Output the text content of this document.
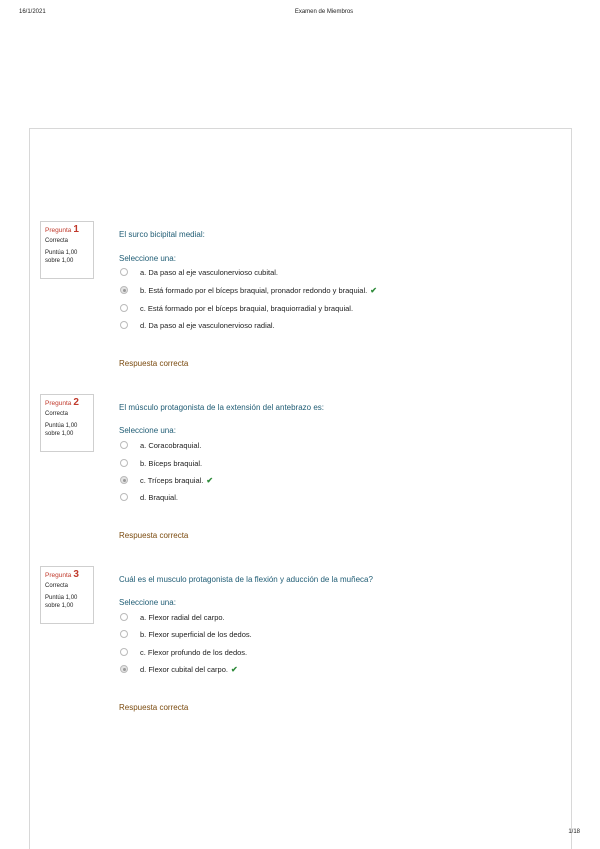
16/1/2021	Examen de Miembros
Pregunta 1
Correcta
Puntúa 1,00
sobre 1,00
El surco bicipital medial:
Seleccione una:
a. Da paso al eje vasculonervioso cubital.
b. Está formado por el bíceps braquial, pronador redondo y braquial. ✔
c. Está formado por el bíceps braquial, braquiorradial y braquial.
d. Da paso al eje vasculonervioso radial.
Respuesta correcta
Pregunta 2
Correcta
Puntúa 1,00
sobre 1,00
El músculo protagonista de la extensión del antebrazo es:
Seleccione una:
a. Coracobraquial.
b. Bíceps braquial.
c. Tríceps braquial. ✔
d. Braquial.
Respuesta correcta
Pregunta 3
Correcta
Puntúa 1,00
sobre 1,00
Cuál es el musculo protagonista de la flexión y aducción de la muñeca?
Seleccione una:
a. Flexor radial del carpo.
b. Flexor superficial de los dedos.
c. Flexor profundo de los dedos.
d. Flexor cubital del carpo. ✔
Respuesta correcta
1/18
